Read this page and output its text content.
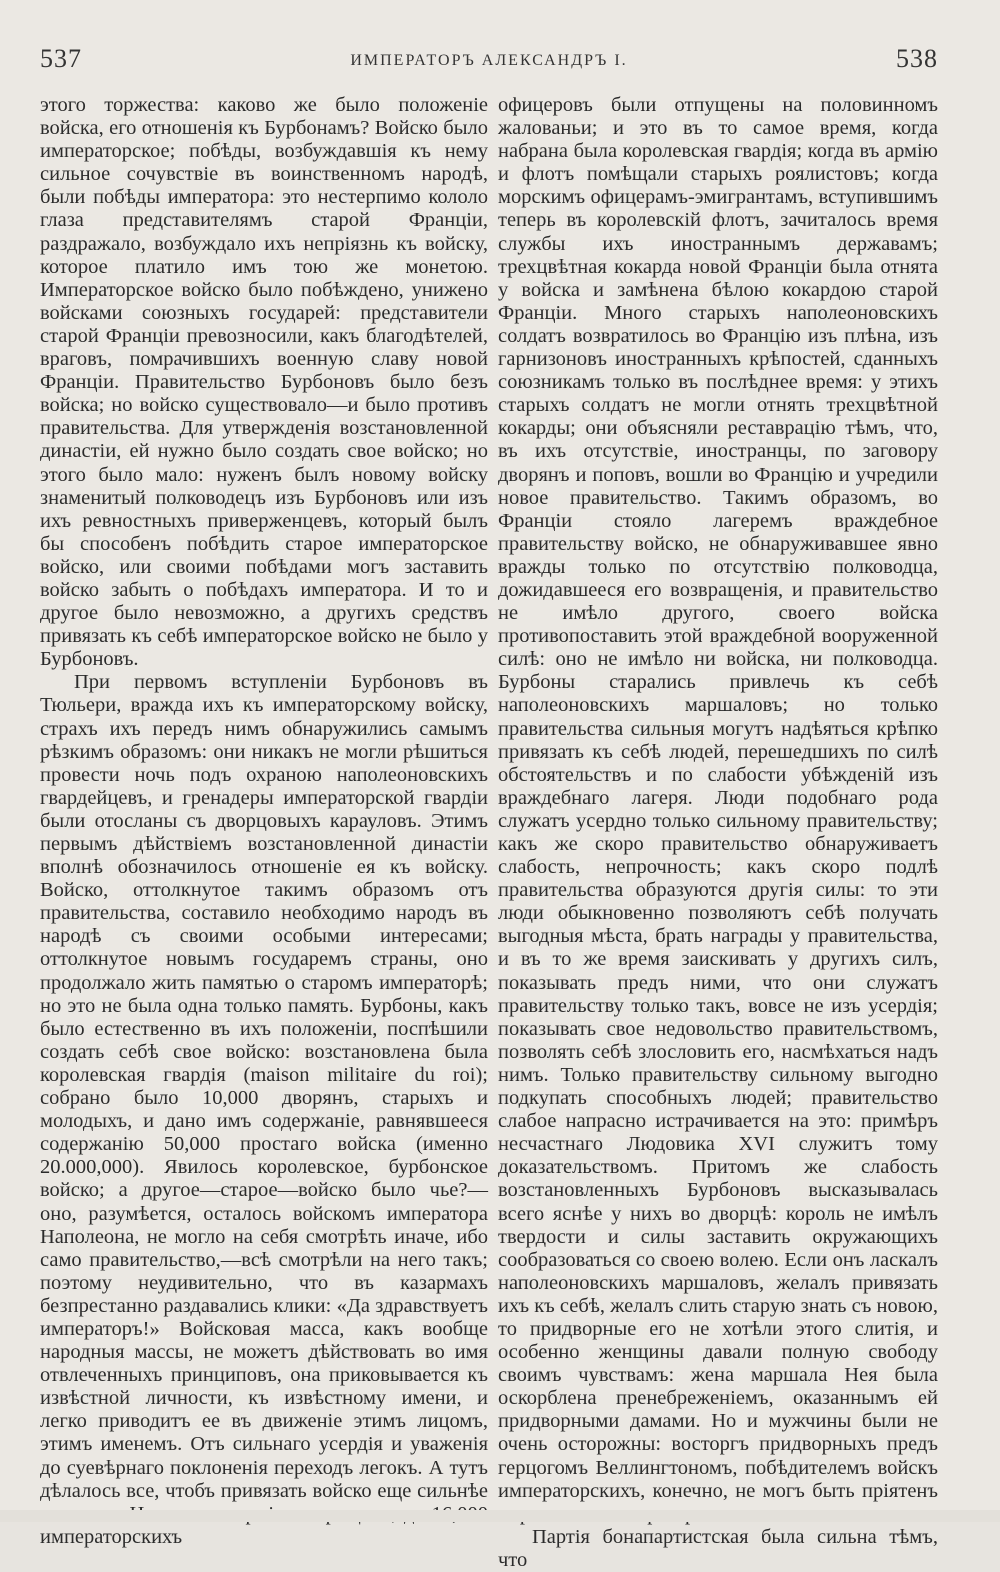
537	ИМПЕРАТОРЪ АЛЕКСАНДРЪ I.	538

этого торжества: каково же было положенiе войска, его отношенiя къ Бурбонамъ? Войско было императорское; побѣды, возбуждавшiя къ нему сильное сочувствiе въ воинственномъ народѣ, были побѣды императора: это нестерпимо кололо глаза представителямъ старой Францiи, раздражало, возбуждало ихъ непрiязнь къ войску, которое платило имъ тою же монетою. Императорское войско было побѣждено, унижено войсками союзныхъ государей: представители старой Францiи превозносили, какъ благодѣтелей, враговъ, помрачившихъ военную славу новой Францiи. Правительство Бурбоновъ было безъ войска; но войско существовало—и было противъ правительства. Для утвержденiя возстановленной династiи, ей нужно было создать свое войско; но этого было мало: нуженъ былъ новому войску знаменитый полководецъ изъ Бурбоновъ или изъ ихъ ревностныхъ приверженцевъ, который былъ бы способенъ побѣдить старое императорское войско, или своими побѣдами могъ заставить войско забыть о побѣдахъ императора. И то и другое было невозможно, а другихъ средствъ привязать къ себѣ императорское войско не было у Бурбоновъ.

При первомъ вступленiи Бурбоновъ въ Тюльери, вражда ихъ къ императорскому войску, страхъ ихъ передъ нимъ обнаружились самымъ рѣзкимъ образомъ: они никакъ не могли рѣшиться провести ночь подъ охраною наполеоновскихъ гвардейцевъ, и гренадеры императорской гвардiи были отосланы съ дворцовыхъ карауловъ. Этимъ первымъ дѣйствiемъ возстановленной династiи вполнѣ обозначилось отношенiе ея къ войску. Войско, оттолкнутое такимъ образомъ отъ правительства, составило необходимо народъ въ народѣ съ своими особыми интересами; оттолкнутое новымъ государемъ страны, оно продолжало жить памятью о старомъ императорѣ; но это не была одна только память. Бурбоны, какъ было естественно въ ихъ положенiи, поспѣшили создать себѣ свое войско: возстановлена была королевская гвардiя (maison militaire du roi); собрано было 10,000 дворянъ, старыхъ и молодыхъ, и дано имъ содержанiе, равнявшееся содержанiю 50,000 простаго войска (именно 20.000,000). Явилось королевское, бурбонское войско; а другое—старое—войско было чье?—оно, разумѣется, осталось войскомъ императора Наполеона, не могло на себя смотрѣть иначе, ибо само правительство,—всѣ смотрѣли на него такъ; поэтому неудивительно, что въ казармахъ безпрестанно раздавались клики: «Да здравствуетъ императоръ!» Войсковая масса, какъ вообще народныя массы, не можетъ дѣйствовать во имя отвлеченныхъ принциповъ, она приковывается къ извѣстной личности, къ извѣстному имени, и легко приводитъ ее въ движенiе этимъ лицомъ, этимъ именемъ. Отъ сильнаго усердiя и уваженiя до суевѣрнаго поклоненiя переходъ легокъ. А тутъ дѣлалось все, чтобъ привязать войско еще сильнѣе императорскихъ

офицеровъ были отпущены на половинномъ жалованьи; и это въ то самое время, когда набрана была королевская гвардiя; когда въ армiю и флотъ помѣщали старыхъ роялистовъ; когда морскимъ офицерамъ-эмигрантамъ, вступившимъ теперь въ королевскiй флотъ, зачиталось время службы ихъ иностраннымъ державамъ; трехцвѣтная кокарда новой Францiи была отнята у войска и замѣнена бѣлою кокардою старой Францiи. Много старыхъ наполеоновскихъ солдатъ возвратилось во Францiю изъ плѣна, изъ гарнизоновъ иностранныхъ крѣпостей, сданныхъ союзникамъ только въ послѣднее время: у этихъ старыхъ солдатъ не могли отнять трехцвѣтной кокарды; они объясняли реставрацiю тѣмъ, что, въ ихъ отсутствiе, иностранцы, по заговору дворянъ и поповъ, вошли во Францiю и учредили новое правительство. Такимъ образомъ, во Францiи стояло лагеремъ враждебное правительству войско, не обнаруживавшее явно вражды только по отсутствiю полководца, дожидавшееся его возвращенiя, и правительство не имѣло другого, своего войска противопоставить этой враждебной вооруженной силѣ: оно не имѣло ни войска, ни полководца. Бурбоны старались привлечь къ себѣ наполеоновскихъ маршаловъ; но только правительства сильныя могутъ надѣяться крѣпко привязать къ себѣ людей, перешедшихъ по силѣ обстоятельствъ и по слабости убѣжденiй изъ враждебнаго лагеря. Люди подобнаго рода служатъ усердно только сильному правительству; какъ же скоро правительство обнаруживаетъ слабость, непрочность; какъ скоро подлѣ правительства образуются другiя силы: то эти люди обыкновенно позволяютъ себѣ получать выгодныя мѣста, брать награды у правительства, и въ то же время заискивать у другихъ силъ, показывать предъ ними, что они служатъ правительству только такъ, вовсе не изъ усердiя; показывать свое недовольство правительствомъ, позволять себѣ злословить его, насмѣхаться надъ нимъ. Только правительству сильному выгодно подкупать способныхъ людей; правительство слабое напрасно истрачивается на это: примѣръ несчастнаго Людовика XVI служитъ тому доказательствомъ. Притомъ же слабость возстановленныхъ Бурбоновъ высказывалась всего яснѣе у нихъ во дворцѣ: король не имѣлъ твердости и силы заставить окружающихъ сообразоваться со своею волею. Если онъ ласкалъ наполеоновскихъ маршаловъ, желалъ привязать ихъ къ себѣ, желалъ слить старую знать съ новою, то придворные его не хотѣли этого слитiя, и особенно женщины давали полную свободу своимъ чувствамъ: жена маршала Нея была оскорблена пренебреженiемъ, оказаннымъ ей придворными дамами. Но и мужчины были не очень осторожны: восторгъ придворныхъ предъ герцогомъ Веллингтономъ, побѣдителемъ войскъ императорскихъ, конечно, не могъ быть прiятенъ

Партiя бонапартистская была сильна тѣмъ, что
